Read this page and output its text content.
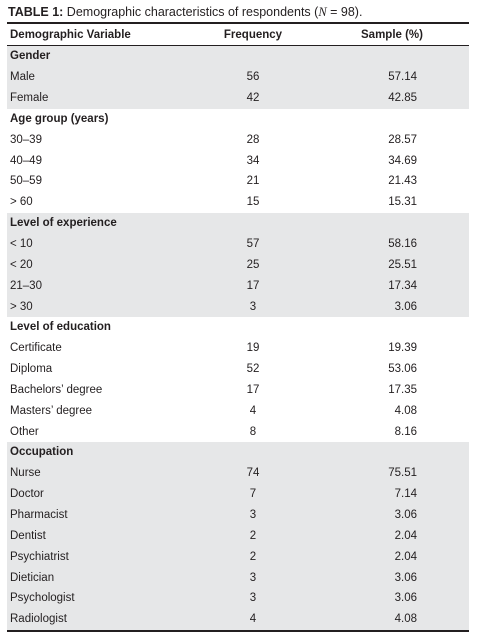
TABLE 1: Demographic characteristics of respondents (N = 98).
Demographic Variable	Frequency	Sample (%)
Gender
Male	56	57.14
Female	42	42.85
Age group (years)
30–39	28	28.57
40–49	34	34.69
50–59	21	21.43
> 60	15	15.31
Level of experience
< 10	57	58.16
< 20	25	25.51
21–30	17	17.34
> 30	3	3.06
Level of education
Certificate	19	19.39
Diploma	52	53.06
Bachelors’ degree	17	17.35
Masters’ degree	4	4.08
Other	8	8.16
Occupation
Nurse	74	75.51
Doctor	7	7.14
Pharmacist	3	3.06
Dentist	2	2.04
Psychiatrist	2	2.04
Dietician	3	3.06
Psychologist	3	3.06
Radiologist	4	4.08
